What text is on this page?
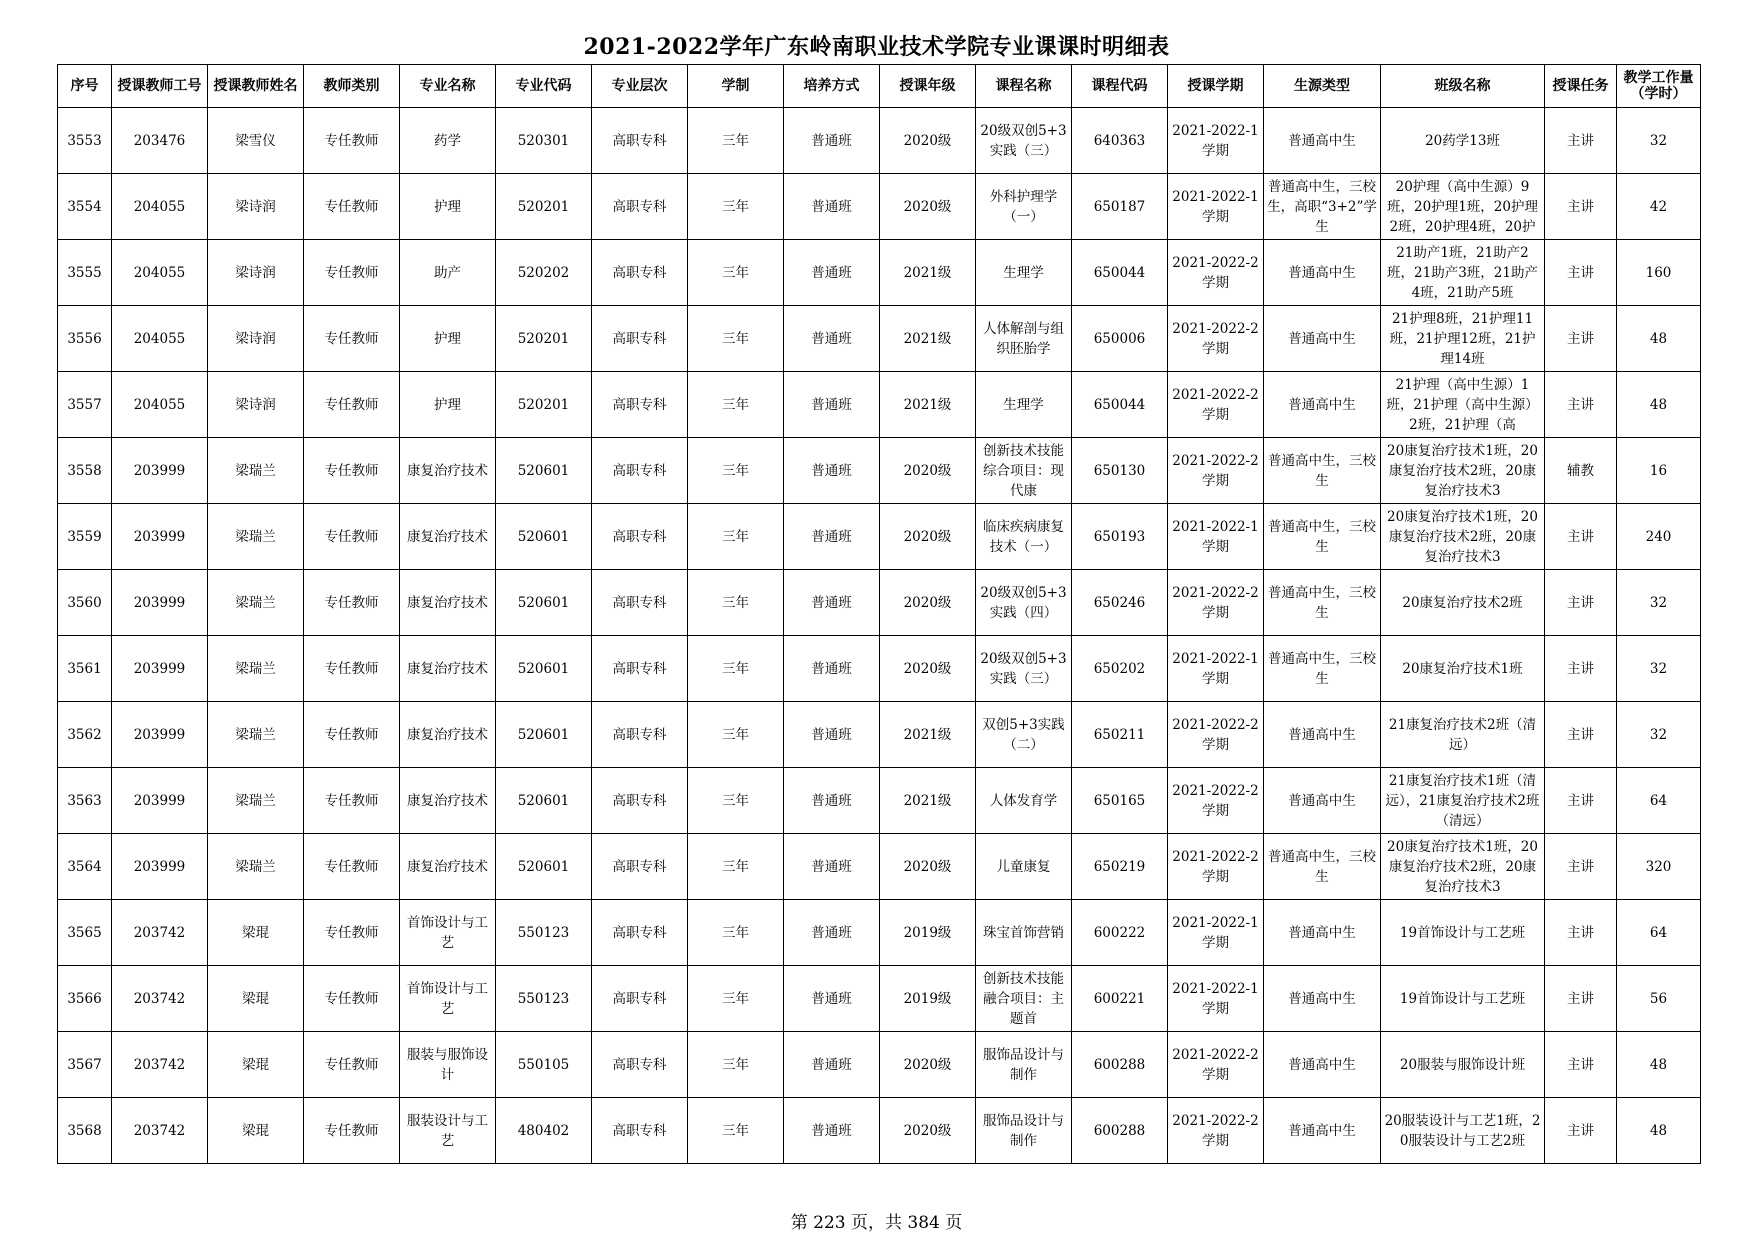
2021-2022学年广东岭南职业技术学院专业课课时明细表
序号	授课教师工号	授课教师姓名	教师类别	专业名称	专业代码	专业层次	学制	培养方式	授课年级	课程名称	课程代码	授课学期	生源类型	班级名称	授课任务	教学工作量（学时）

3553	203476	梁雪仪	专任教师	药学	520301	高职专科	三年	普通班	2020级	20级双创5+3实践（三）	640363	2021-2022-1学期	普通高中生	20药学13班	主讲	32

3554	204055	梁诗润	专任教师	护理	520201	高职专科	三年	普通班	2020级	外科护理学（一）	650187	2021-2022-1学期	普通高中生，三校生，高职“3+2”学生	20护理（高中生源）9班，20护理1班，20护理2班，20护理4班，20护	主讲	42

3555	204055	梁诗润	专任教师	助产	520202	高职专科	三年	普通班	2021级	生理学	650044	2021-2022-2学期	普通高中生	21助产1班，21助产2班，21助产3班，21助产4班，21助产5班	主讲	160

3556	204055	梁诗润	专任教师	护理	520201	高职专科	三年	普通班	2021级	人体解剖与组织胚胎学	650006	2021-2022-2学期	普通高中生	21护理8班，21护理11班，21护理12班，21护理14班	主讲	48

3557	204055	梁诗润	专任教师	护理	520201	高职专科	三年	普通班	2021级	生理学	650044	2021-2022-2学期	普通高中生	21护理（高中生源）1班，21护理（高中生源）2班，21护理（高	主讲	48

3558	203999	梁瑞兰	专任教师	康复治疗技术	520601	高职专科	三年	普通班	2020级	创新技术技能综合项目：现代康	650130	2021-2022-2学期	普通高中生，三校生	20康复治疗技术1班，20康复治疗技术2班，20康复治疗技术3	辅教	16

3559	203999	梁瑞兰	专任教师	康复治疗技术	520601	高职专科	三年	普通班	2020级	临床疾病康复技术（一）	650193	2021-2022-1学期	普通高中生，三校生	20康复治疗技术1班，20康复治疗技术2班，20康复治疗技术3	主讲	240

3560	203999	梁瑞兰	专任教师	康复治疗技术	520601	高职专科	三年	普通班	2020级	20级双创5+3实践（四）	650246	2021-2022-2学期	普通高中生，三校生	20康复治疗技术2班	主讲	32

3561	203999	梁瑞兰	专任教师	康复治疗技术	520601	高职专科	三年	普通班	2020级	20级双创5+3实践（三）	650202	2021-2022-1学期	普通高中生，三校生	20康复治疗技术1班	主讲	32

3562	203999	梁瑞兰	专任教师	康复治疗技术	520601	高职专科	三年	普通班	2021级	双创5+3实践（二）	650211	2021-2022-2学期	普通高中生	21康复治疗技术2班（清远）	主讲	32

3563	203999	梁瑞兰	专任教师	康复治疗技术	520601	高职专科	三年	普通班	2021级	人体发育学	650165	2021-2022-2学期	普通高中生	21康复治疗技术1班（清远），21康复治疗技术2班（清远）	主讲	64

3564	203999	梁瑞兰	专任教师	康复治疗技术	520601	高职专科	三年	普通班	2020级	儿童康复	650219	2021-2022-2学期	普通高中生，三校生	20康复治疗技术1班，20康复治疗技术2班，20康复治疗技术3	主讲	320

3565	203742	梁琨	专任教师	首饰设计与工艺	550123	高职专科	三年	普通班	2019级	珠宝首饰营销	600222	2021-2022-1学期	普通高中生	19首饰设计与工艺班	主讲	64

3566	203742	梁琨	专任教师	首饰设计与工艺	550123	高职专科	三年	普通班	2019级	创新技术技能融合项目：主题首	600221	2021-2022-1学期	普通高中生	19首饰设计与工艺班	主讲	56

3567	203742	梁琨	专任教师	服装与服饰设计	550105	高职专科	三年	普通班	2020级	服饰品设计与制作	600288	2021-2022-2学期	普通高中生	20服装与服饰设计班	主讲	48

3568	203742	梁琨	专任教师	服装设计与工艺	480402	高职专科	三年	普通班	2020级	服饰品设计与制作	600288	2021-2022-2学期	普通高中生	20服装设计与工艺1班，20服装设计与工艺2班	主讲	48
第 223 页，共 384 页
